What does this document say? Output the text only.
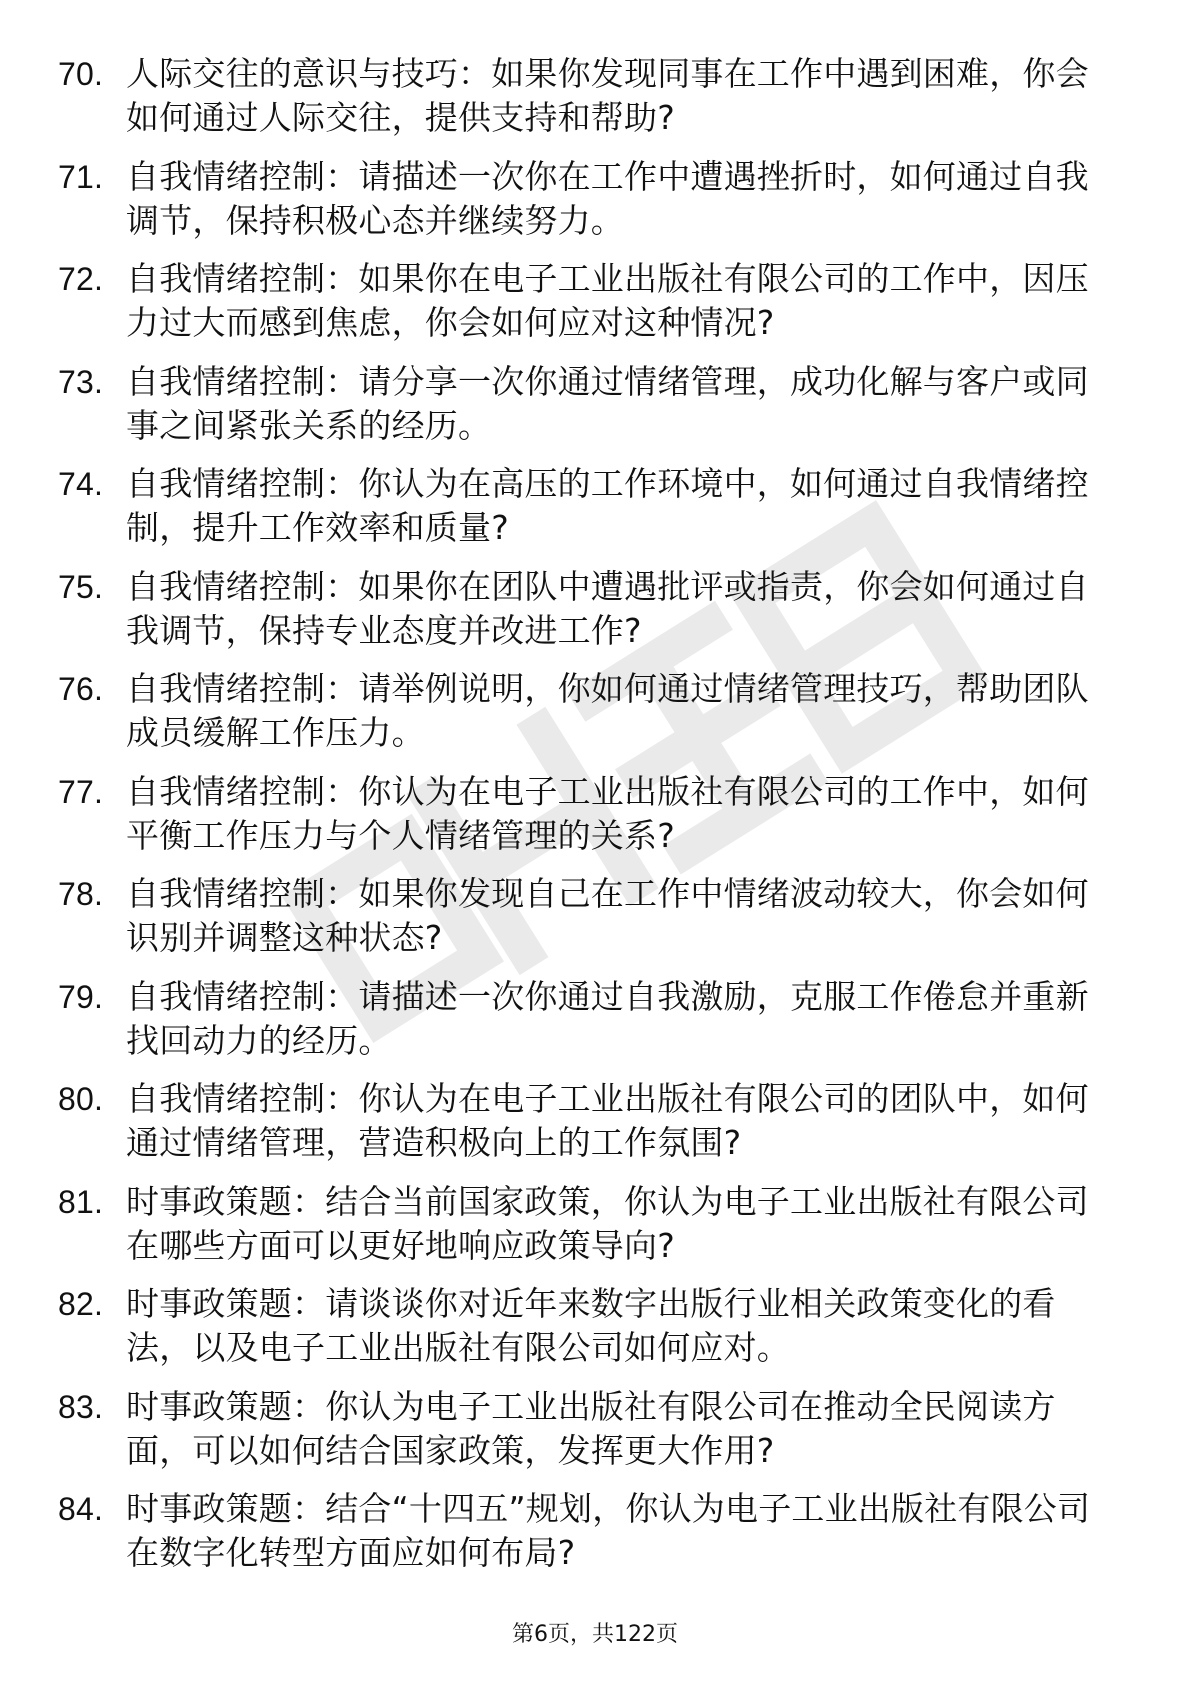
70. 人际交往的意识与技巧：如果你发现同事在工作中遇到困难，你会如何通过人际交往，提供支持和帮助?
71. 自我情绪控制：请描述一次你在工作中遭遇挫折时，如何通过自我调节，保持积极心态并继续努力。
72. 自我情绪控制：如果你在电子工业出版社有限公司的工作中，因压力过大而感到焦虑，你会如何应对这种情况?
73. 自我情绪控制：请分享一次你通过情绪管理，成功化解与客户或同事之间紧张关系的经历。
74. 自我情绪控制：你认为在高压的工作环境中，如何通过自我情绪控制，提升工作效率和质量?
75. 自我情绪控制：如果你在团队中遭遇批评或指责，你会如何通过自我调节，保持专业态度并改进工作?
76. 自我情绪控制：请举例说明，你如何通过情绪管理技巧，帮助团队成员缓解工作压力。
77. 自我情绪控制：你认为在电子工业出版社有限公司的工作中，如何平衡工作压力与个人情绪管理的关系?
78. 自我情绪控制：如果你发现自己在工作中情绪波动较大，你会如何识别并调整这种状态?
79. 自我情绪控制：请描述一次你通过自我激励，克服工作倦怠并重新找回动力的经历。
80. 自我情绪控制：你认为在电子工业出版社有限公司的团队中，如何通过情绪管理，营造积极向上的工作氛围?
81. 时事政策题：结合当前国家政策，你认为电子工业出版社有限公司在哪些方面可以更好地响应政策导向?
82. 时事政策题：请谈谈你对近年来数字出版行业相关政策变化的看法，以及电子工业出版社有限公司如何应对。
83. 时事政策题：你认为电子工业出版社有限公司在推动全民阅读方面，可以如何结合国家政策，发挥更大作用?
84. 时事政策题：结合“十四五”规划，你认为电子工业出版社有限公司在数字化转型方面应如何布局?
第6页，共122页
